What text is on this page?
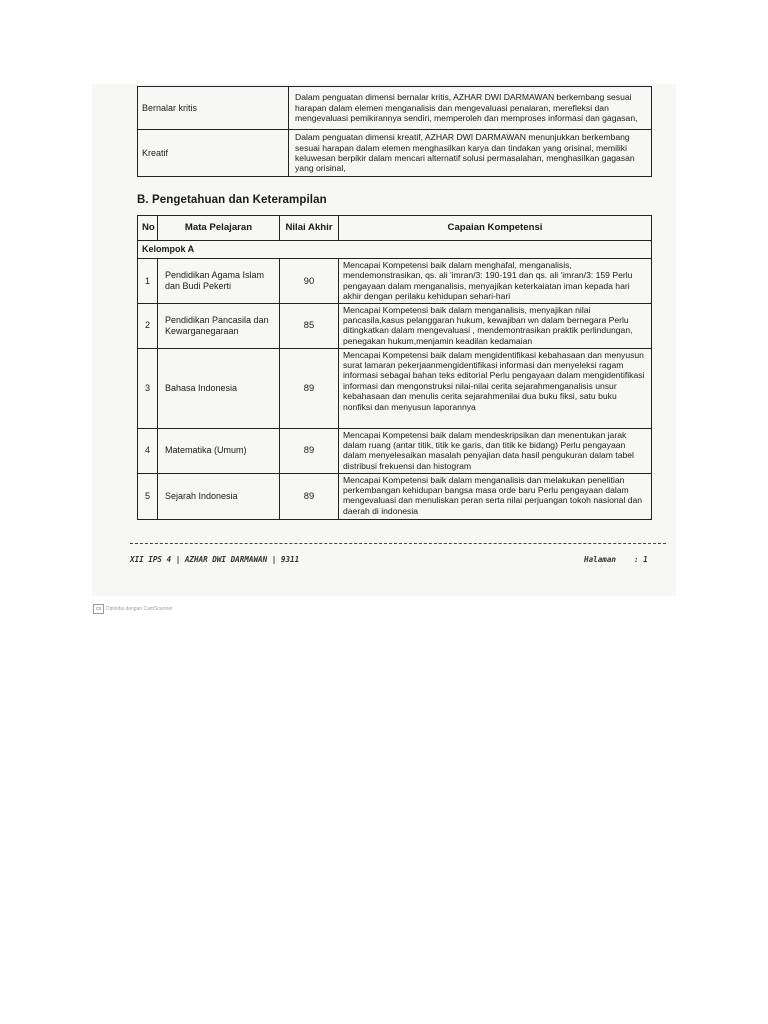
Bernalar kritis	Dalam penguatan dimensi bernalar kritis, AZHAR DWI DARMAWAN berkembang sesuai harapan dalam elemen menganalisis dan mengevaluasi penalaran, merefleksi dan mengevaluasi pemikirannya sendiri, memperoleh dan memproses informasi dan gagasan,
Kreatif	Dalam penguatan dimensi kreatif, AZHAR DWI DARMAWAN menunjukkan berkembang sesuai harapan dalam elemen menghasilkan karya dan tindakan yang orisinal, memiliki keluwesan berpikir dalam mencari alternatif solusi permasalahan, menghasilkan gagasan yang orisinal,
B. Pengetahuan dan Keterampilan
No	Mata Pelajaran	Nilai Akhir	Capaian Kompetensi
Kelompok A			
1	Pendidikan Agama Islam dan Budi Pekerti	90	Mencapai Kompetensi baik dalam menghafal, menganalisis, mendemonstrasikan, qs. ali 'imran/3: 190-191 dan qs. ali 'imran/3: 159 Perlu pengayaan dalam menganalisis, menyajikan keterkaiatan iman kepada hari akhir dengan perilaku kehidupan sehari-hari
2	Pendidikan Pancasila dan Kewarganegaraan	85	Mencapai Kompetensi baik dalam menganalisis, menyajikan nilai pancasila,kasus pelanggaran hukum, kewajiban wn dalam bernegara Perlu ditingkatkan dalam mengevaluasi , mendemontrasikan praktik perlindungan, penegakan hukum,menjamin keadilan kedamaian
3	Bahasa Indonesia	89	Mencapai Kompetensi baik dalam mengidentifikasi kebahasaan dan menyusun surat lamaran pekerjaanmengidentifikasi informasi dan menyeleksi ragam informasi sebagai bahan teks editorial Perlu pengayaan dalam mengidentifikasi informasi dan mengonstruksi nilai-nilai cerita sejarahmenganalisis unsur kebahasaan dan menulis cerita sejarahmenilai dua buku fiksi, satu buku nonfiksi dan menyusun laporannya
4	Matematika (Umum)	89	Mencapai Kompetensi baik dalam mendeskripsikan dan menentukan jarak dalam ruang (antar titik, titik ke garis, dan titik ke bidang) Perlu pengayaan dalam menyelesaikan masalah penyajian data hasil pengukuran dalam tabel distribusi frekuensi dan histogram
5	Sejarah Indonesia	89	Mencapai Kompetensi baik dalam menganalisis dan melakukan penelitian perkembangan kehidupan bangsa masa orde baru Perlu pengayaan dalam mengevaluasi dan menuliskan peran serta nilai perjuangan tokoh nasional dan daerah di indonesia
XII IPS 4 | AZHAR DWI DARMAWAN | 9311	Halaman : 1
cs	Dipindai dengan CamScanner
